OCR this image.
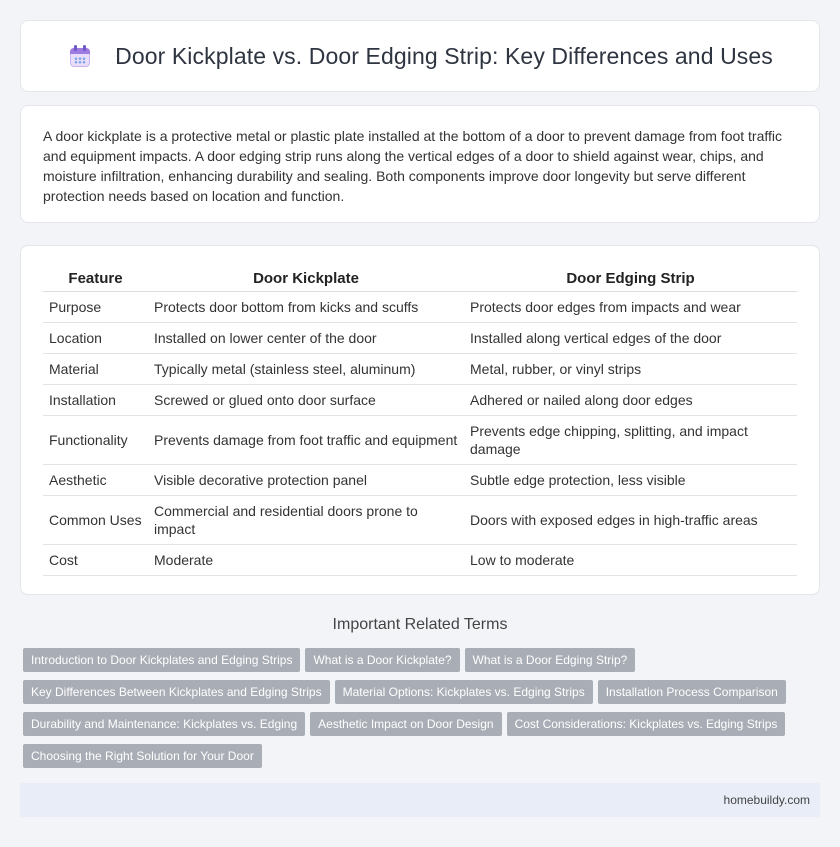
Door Kickplate vs. Door Edging Strip: Key Differences and Uses

A door kickplate is a protective metal or plastic plate installed at the bottom of a door to prevent damage from foot traffic and equipment impacts. A door edging strip runs along the vertical edges of a door to shield against wear, chips, and moisture infiltration, enhancing durability and sealing. Both components improve door longevity but serve different protection needs based on location and function.

Feature	Door Kickplate	Door Edging Strip
Purpose	Protects door bottom from kicks and scuffs	Protects door edges from impacts and wear
Location	Installed on lower center of the door	Installed along vertical edges of the door
Material	Typically metal (stainless steel, aluminum)	Metal, rubber, or vinyl strips
Installation	Screwed or glued onto door surface	Adhered or nailed along door edges
Functionality	Prevents damage from foot traffic and equipment	Prevents edge chipping, splitting, and impact damage
Aesthetic	Visible decorative protection panel	Subtle edge protection, less visible
Common Uses	Commercial and residential doors prone to impact	Doors with exposed edges in high-traffic areas
Cost	Moderate	Low to moderate
Important Related Terms
Introduction to Door Kickplates and Edging Strips What is a Door Kickplate? What is a Door Edging Strip?
Key Differences Between Kickplates and Edging Strips Material Options: Kickplates vs. Edging Strips Installation Process Comparison
Durability and Maintenance: Kickplates vs. Edging Aesthetic Impact on Door Design Cost Considerations: Kickplates vs. Edging Strips
Choosing the Right Solution for Your Door
homebuildy.com
